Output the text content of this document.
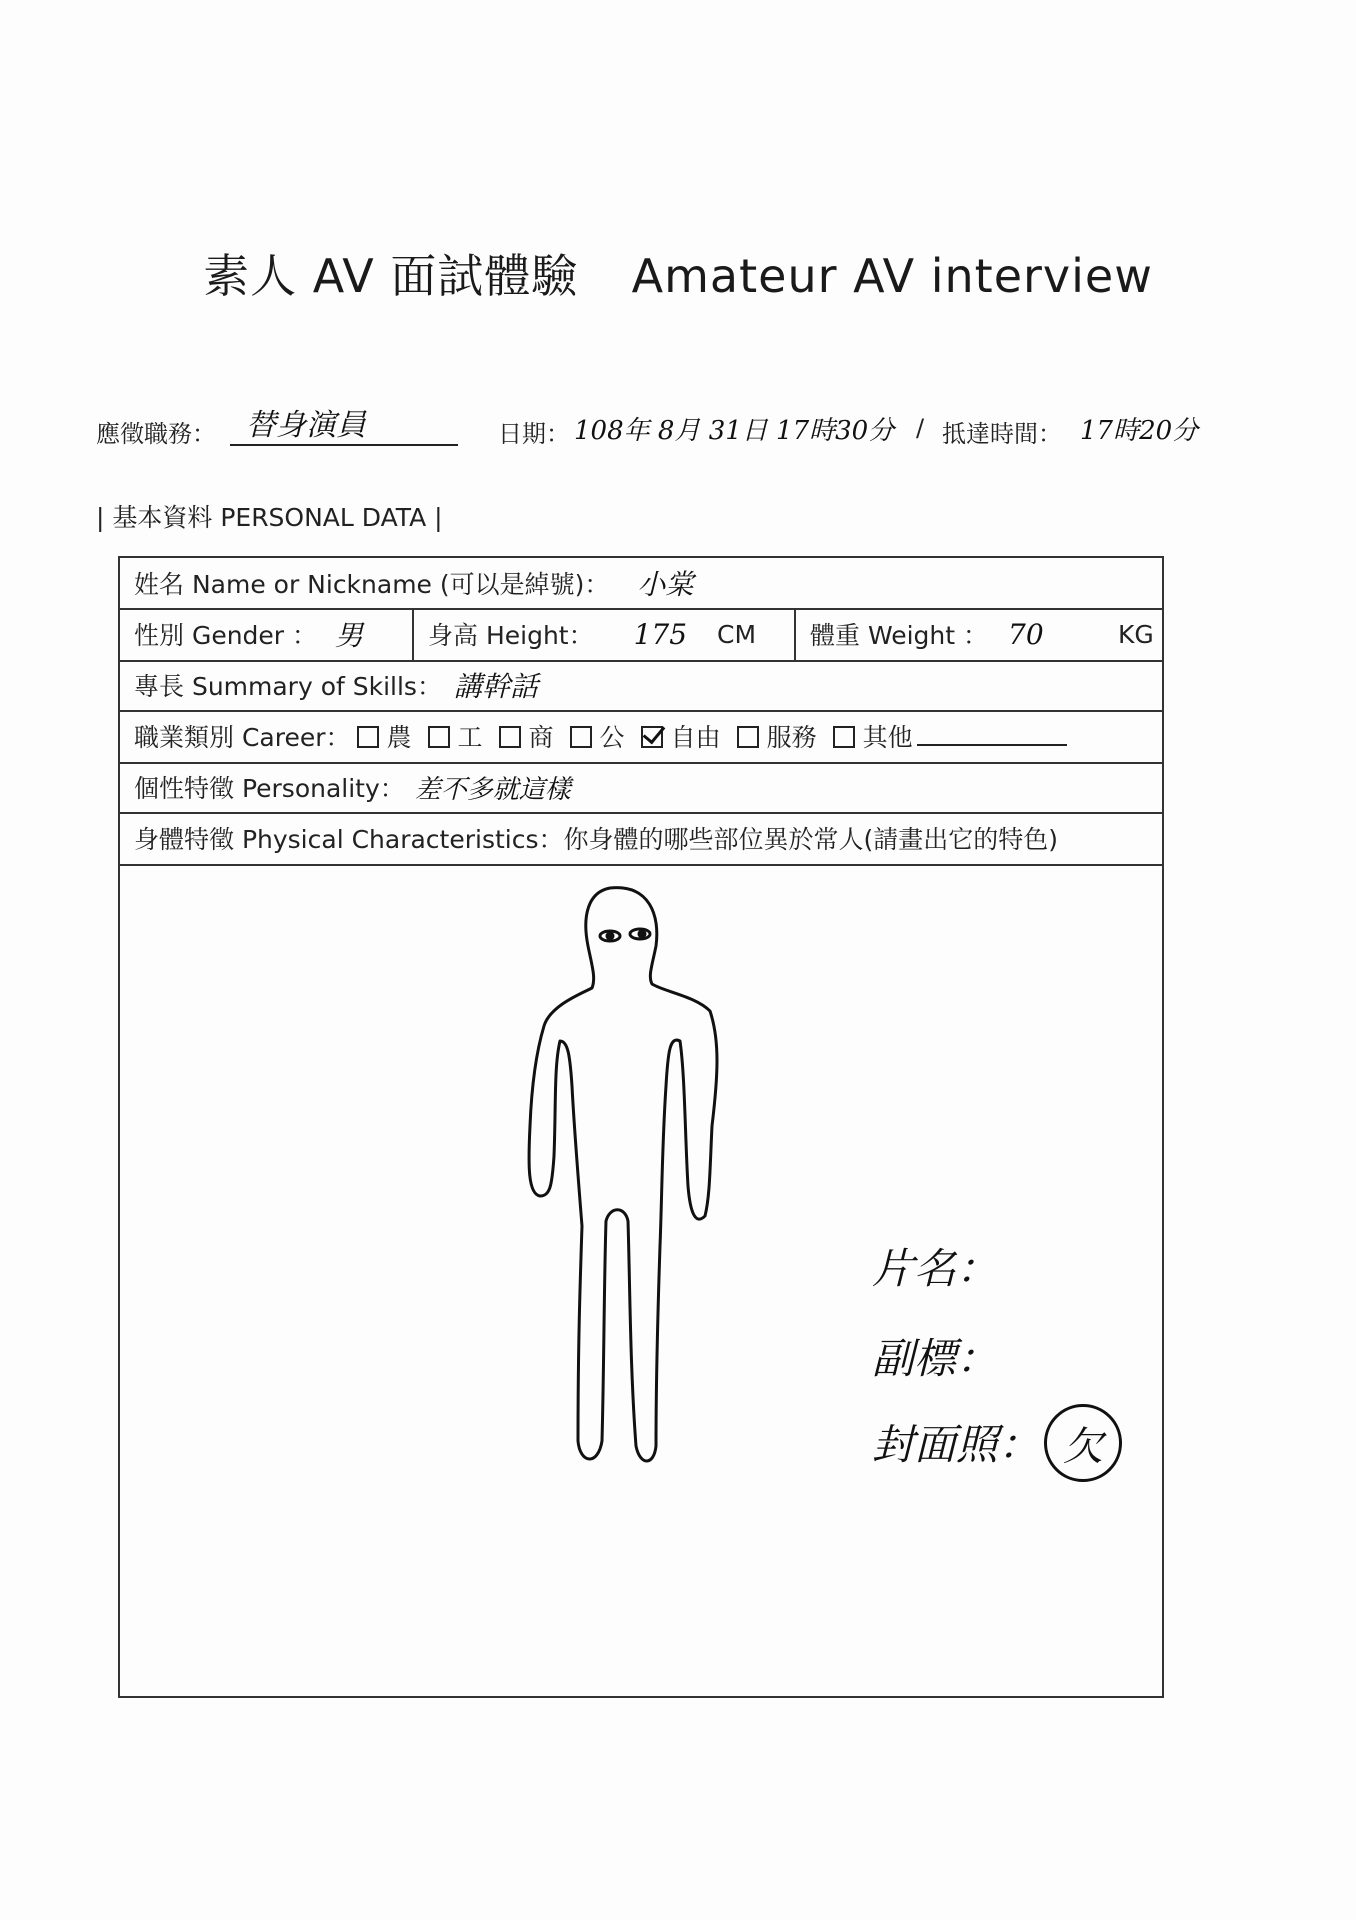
素人 AV 面試體驗 Amateur AV interview
應徵職務： 替身演員	日期： 108年 8月 31日 17時30分 / 抵達時間： 17時20分
| 基本資料 PERSONAL DATA |
姓名 Name or Nickname (可以是綽號)： 小棠
性別 Gender ： 男	身高 Height： 175 CM 體重 Weight ： 70	KG
專長 Summary of Skills： 講幹話
職業類別 Career：	農	工	商	公	自由	服務	其他
個性特徵 Personality： 差不多就這樣
身體特徵 Physical Characteristics：你身體的哪些部位異於常人(請畫出它的特色)
片名：
副標：
封面照： 欠
